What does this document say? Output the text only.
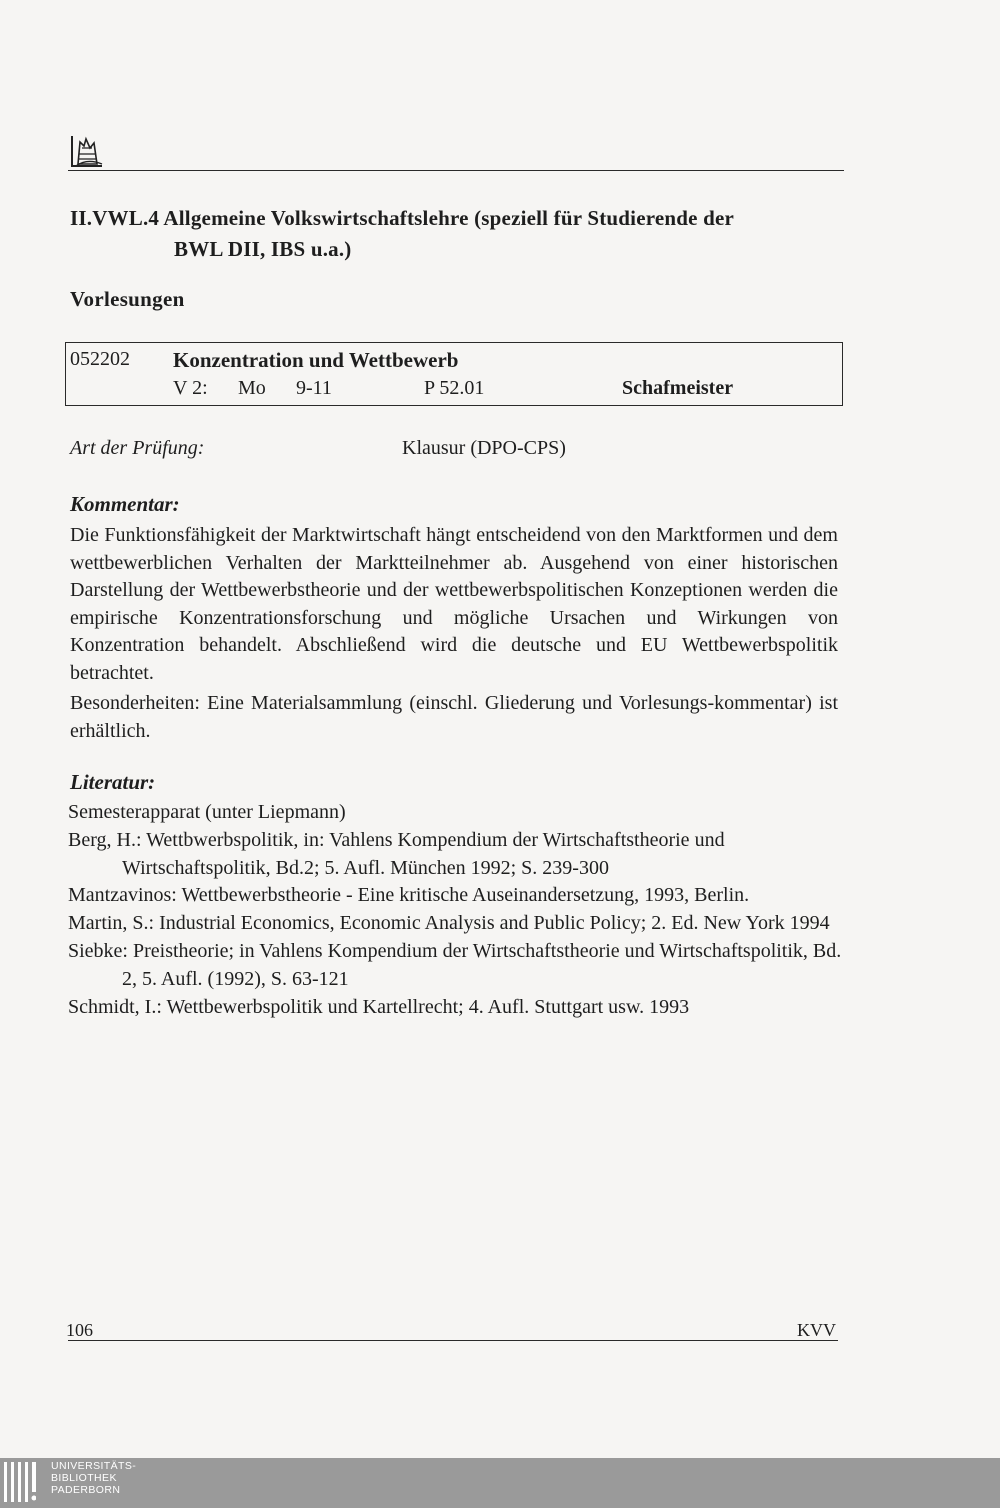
II.VWL.4 Allgemeine Volkswirtschaftslehre (speziell für Studierende der
BWL DII, IBS u.a.)
Vorlesungen
052202 Konzentration und Wettbewerb
V 2: Mo 9-11	P 52.01	Schafmeister
Art der Prüfung:	Klausur (DPO-CPS)
Kommentar:
Die Funktionsfähigkeit der Marktwirtschaft hängt entscheidend von den Marktformen und dem wettbewerblichen Verhalten der Marktteilnehmer ab. Ausgehend von einer historischen Darstellung der Wettbewerbstheorie und der wettbewerbspolitischen Konzeptionen werden die empirische Konzentrationsforschung und mögliche Ursachen und Wirkungen von Konzentration behandelt. Abschließend wird die deutsche und EU Wettbewerbspolitik betrachtet.
Besonderheiten: Eine Materialsammlung (einschl. Gliederung und Vorlesungs-kommentar) ist erhältlich.
Literatur:
Semesterapparat (unter Liepmann)
Berg, H.: Wettbwerbspolitik, in: Vahlens Kompendium der Wirtschaftstheorie und Wirtschaftspolitik, Bd.2; 5. Aufl. München 1992; S. 239-300
Mantzavinos: Wettbewerbstheorie - Eine kritische Auseinandersetzung, 1993, Berlin.
Martin, S.: Industrial Economics, Economic Analysis and Public Policy; 2. Ed. New York 1994
Siebke: Preistheorie; in Vahlens Kompendium der Wirtschaftstheorie und Wirtschaftspolitik, Bd. 2, 5. Aufl. (1992), S. 63-121
Schmidt, I.: Wettbewerbspolitik und Kartellrecht; 4. Aufl. Stuttgart usw. 1993
106	KVV
UNIVERSITÄTS-
BIBLIOTHEK
PADERBORN
